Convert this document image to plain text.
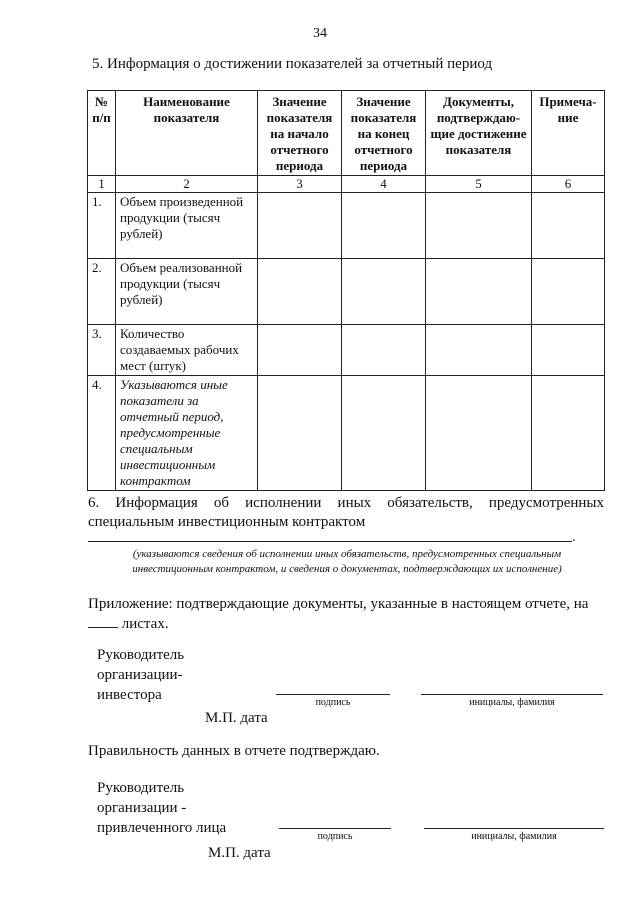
34
5. Информация о достижении показателей за отчетный период
№ п/п	Наименование показателя	Значение показателя на начало отчетного периода	Значение показателя на конец отчетного периода	Документы, подтверждаю-щие достижение показателя	Примеча-ние
1	2	3	4	5	6
1.	Объем произведенной продукции (тысяч рублей)				
2.	Объем реализованной продукции (тысяч рублей)				
3.	Количество создаваемых рабочих мест (штук)				
4.	Указываются иные показатели за отчетный период, предусмотренные специальным инвестиционным контрактом				
6. Информация об исполнении иных обязательств, предусмотренных специальным инвестиционным контрактом
.
(указываются сведения об исполнении иных обязательств, предусмотренных специальным инвестиционным контрактом, и сведения о документах, подтверждающих их исполнение)
Приложение: подтверждающие документы, указанные в настоящем отчете, на
листах.
Руководитель организации-инвестора	подпись	инициалы, фамилия
М.П. дата
Правильность данных в отчете подтверждаю.
Руководитель организации - привлеченного лица
подпись	инициалы, фамилия
М.П. дата
